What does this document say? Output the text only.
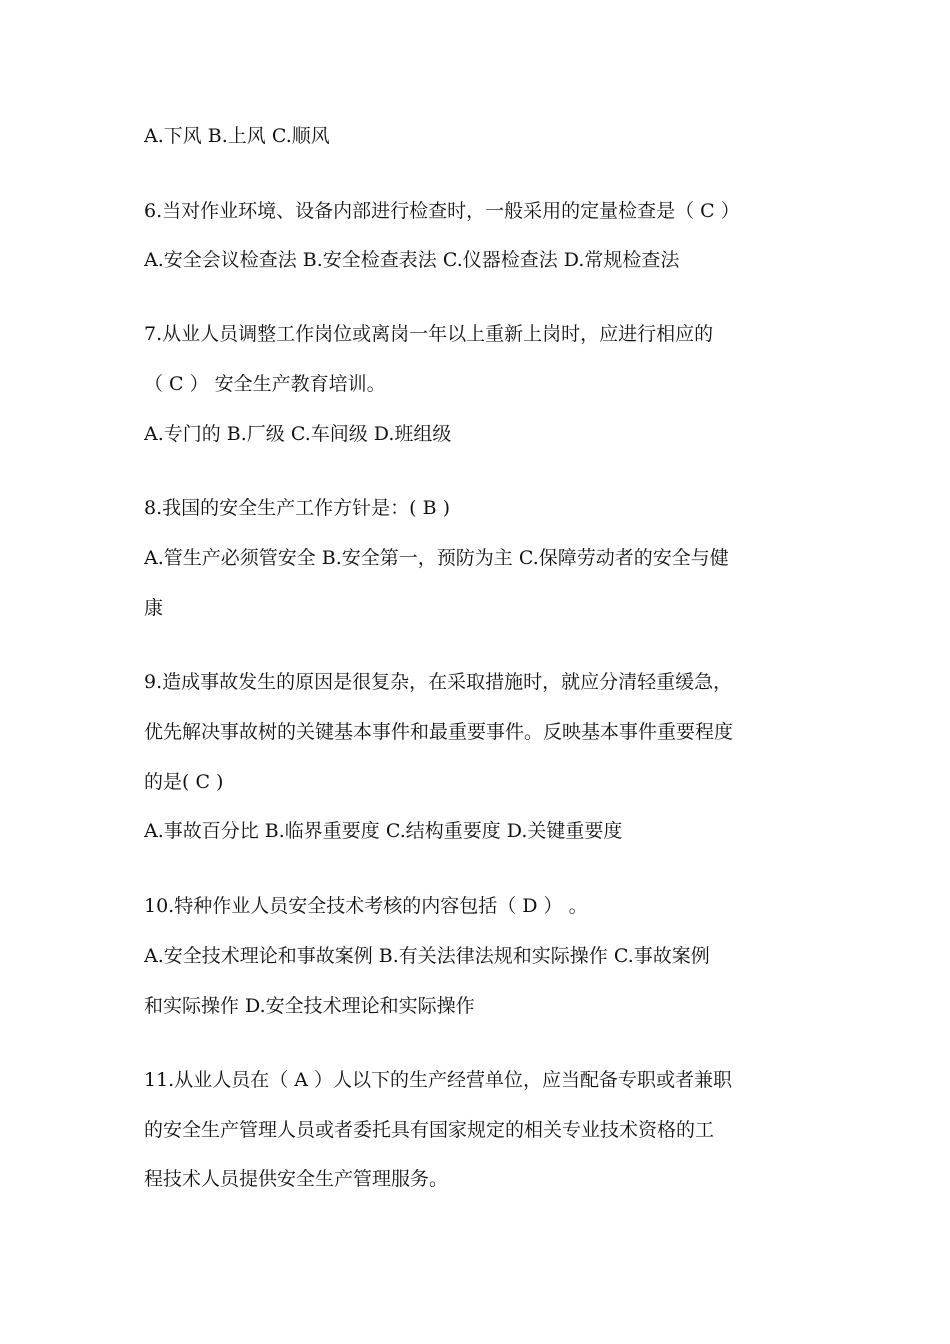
A.下风 B.上风 C.顺风
6.当对作业环境、设备内部进行检查时，一般采用的定量检查是（ C ）
A.安全会议检查法 B.安全检查表法 C.仪器检查法 D.常规检查法
7.从业人员调整工作岗位或离岗一年以上重新上岗时，应进行相应的
（ C ） 安全生产教育培训。
A.专门的 B.厂级 C.车间级 D.班组级
8.我国的安全生产工作方针是：( B )
A.管生产必须管安全 B.安全第一，预防为主 C.保障劳动者的安全与健
康
9.造成事故发生的原因是很复杂，在采取措施时，就应分清轻重缓急，
优先解决事故树的关键基本事件和最重要事件。反映基本事件重要程度
的是( C )
A.事故百分比 B.临界重要度 C.结构重要度 D.关键重要度
10.特种作业人员安全技术考核的内容包括（ D ） 。
A.安全技术理论和事故案例 B.有关法律法规和实际操作 C.事故案例
和实际操作 D.安全技术理论和实际操作
11.从业人员在（ A ）人以下的生产经营单位，应当配备专职或者兼职
的安全生产管理人员或者委托具有国家规定的相关专业技术资格的工
程技术人员提供安全生产管理服务。
